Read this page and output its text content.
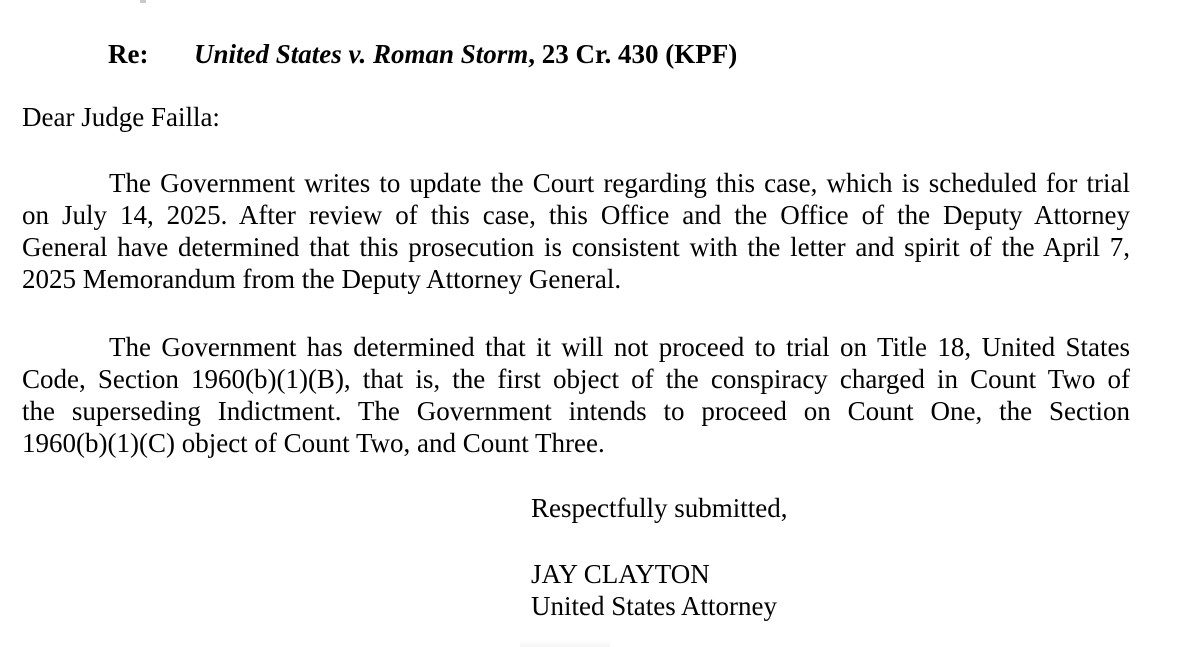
Re: United States v. Roman Storm, 23 Cr. 430 (KPF)
Dear Judge Failla:
The Government writes to update the Court regarding this case, which is scheduled for trial
on July 14, 2025. After review of this case, this Office and the Office of the Deputy Attorney
General have determined that this prosecution is consistent with the letter and spirit of the April 7,
2025 Memorandum from the Deputy Attorney General.
The Government has determined that it will not proceed to trial on Title 18, United States
Code, Section 1960(b)(1)(B), that is, the first object of the conspiracy charged in Count Two of
the superseding Indictment. The Government intends to proceed on Count One, the Section
1960(b)(1)(C) object of Count Two, and Count Three.
Respectfully submitted,
JAY CLAYTON
United States Attorney
